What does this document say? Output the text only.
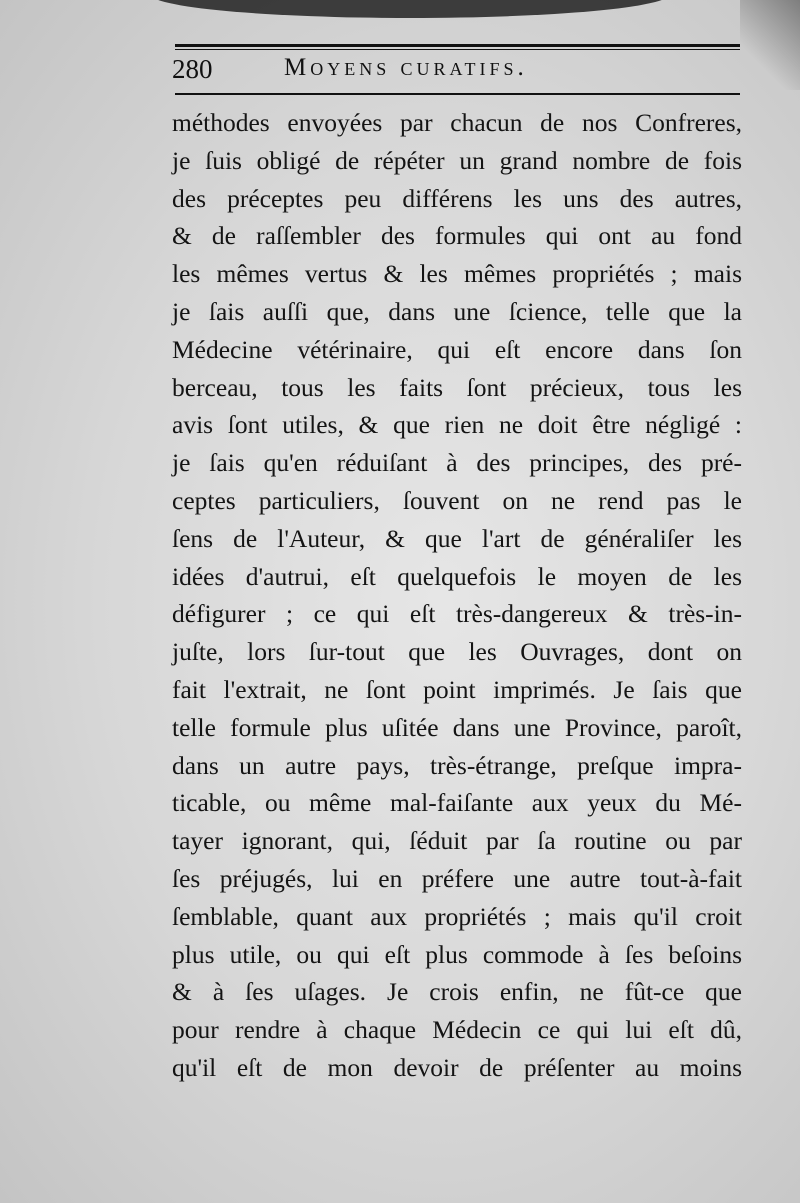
280	Moyens curatifs.
méthodes envoyées par chacun de nos Confreres,
je ſuis obligé de répéter un grand nombre de fois
des préceptes peu différens les uns des autres,
& de raſſembler des formules qui ont au fond
les mêmes vertus & les mêmes propriétés ; mais
je ſais auſſi que, dans une ſcience, telle que la
Médecine vétérinaire, qui eſt encore dans ſon
berceau, tous les faits ſont précieux, tous les
avis ſont utiles, & que rien ne doit être négligé :
je ſais qu'en réduiſant à des principes, des pré-
ceptes particuliers, ſouvent on ne rend pas le
ſens de l'Auteur, & que l'art de généraliſer les
idées d'autrui, eſt quelquefois le moyen de les
défigurer ; ce qui eſt très-dangereux & très-in-
juſte, lors ſur-tout que les Ouvrages, dont on
fait l'extrait, ne ſont point imprimés. Je ſais que
telle formule plus uſitée dans une Province, paroît,
dans un autre pays, très-étrange, preſque impra-
ticable, ou même mal-faiſante aux yeux du Mé-
tayer ignorant, qui, ſéduit par ſa routine ou par
ſes préjugés, lui en préfere une autre tout-à-fait
ſemblable, quant aux propriétés ; mais qu'il croit
plus utile, ou qui eſt plus commode à ſes beſoins
& à ſes uſages. Je crois enfin, ne fût-ce que
pour rendre à chaque Médecin ce qui lui eſt dû,
qu'il eſt de mon devoir de préſenter au moins
